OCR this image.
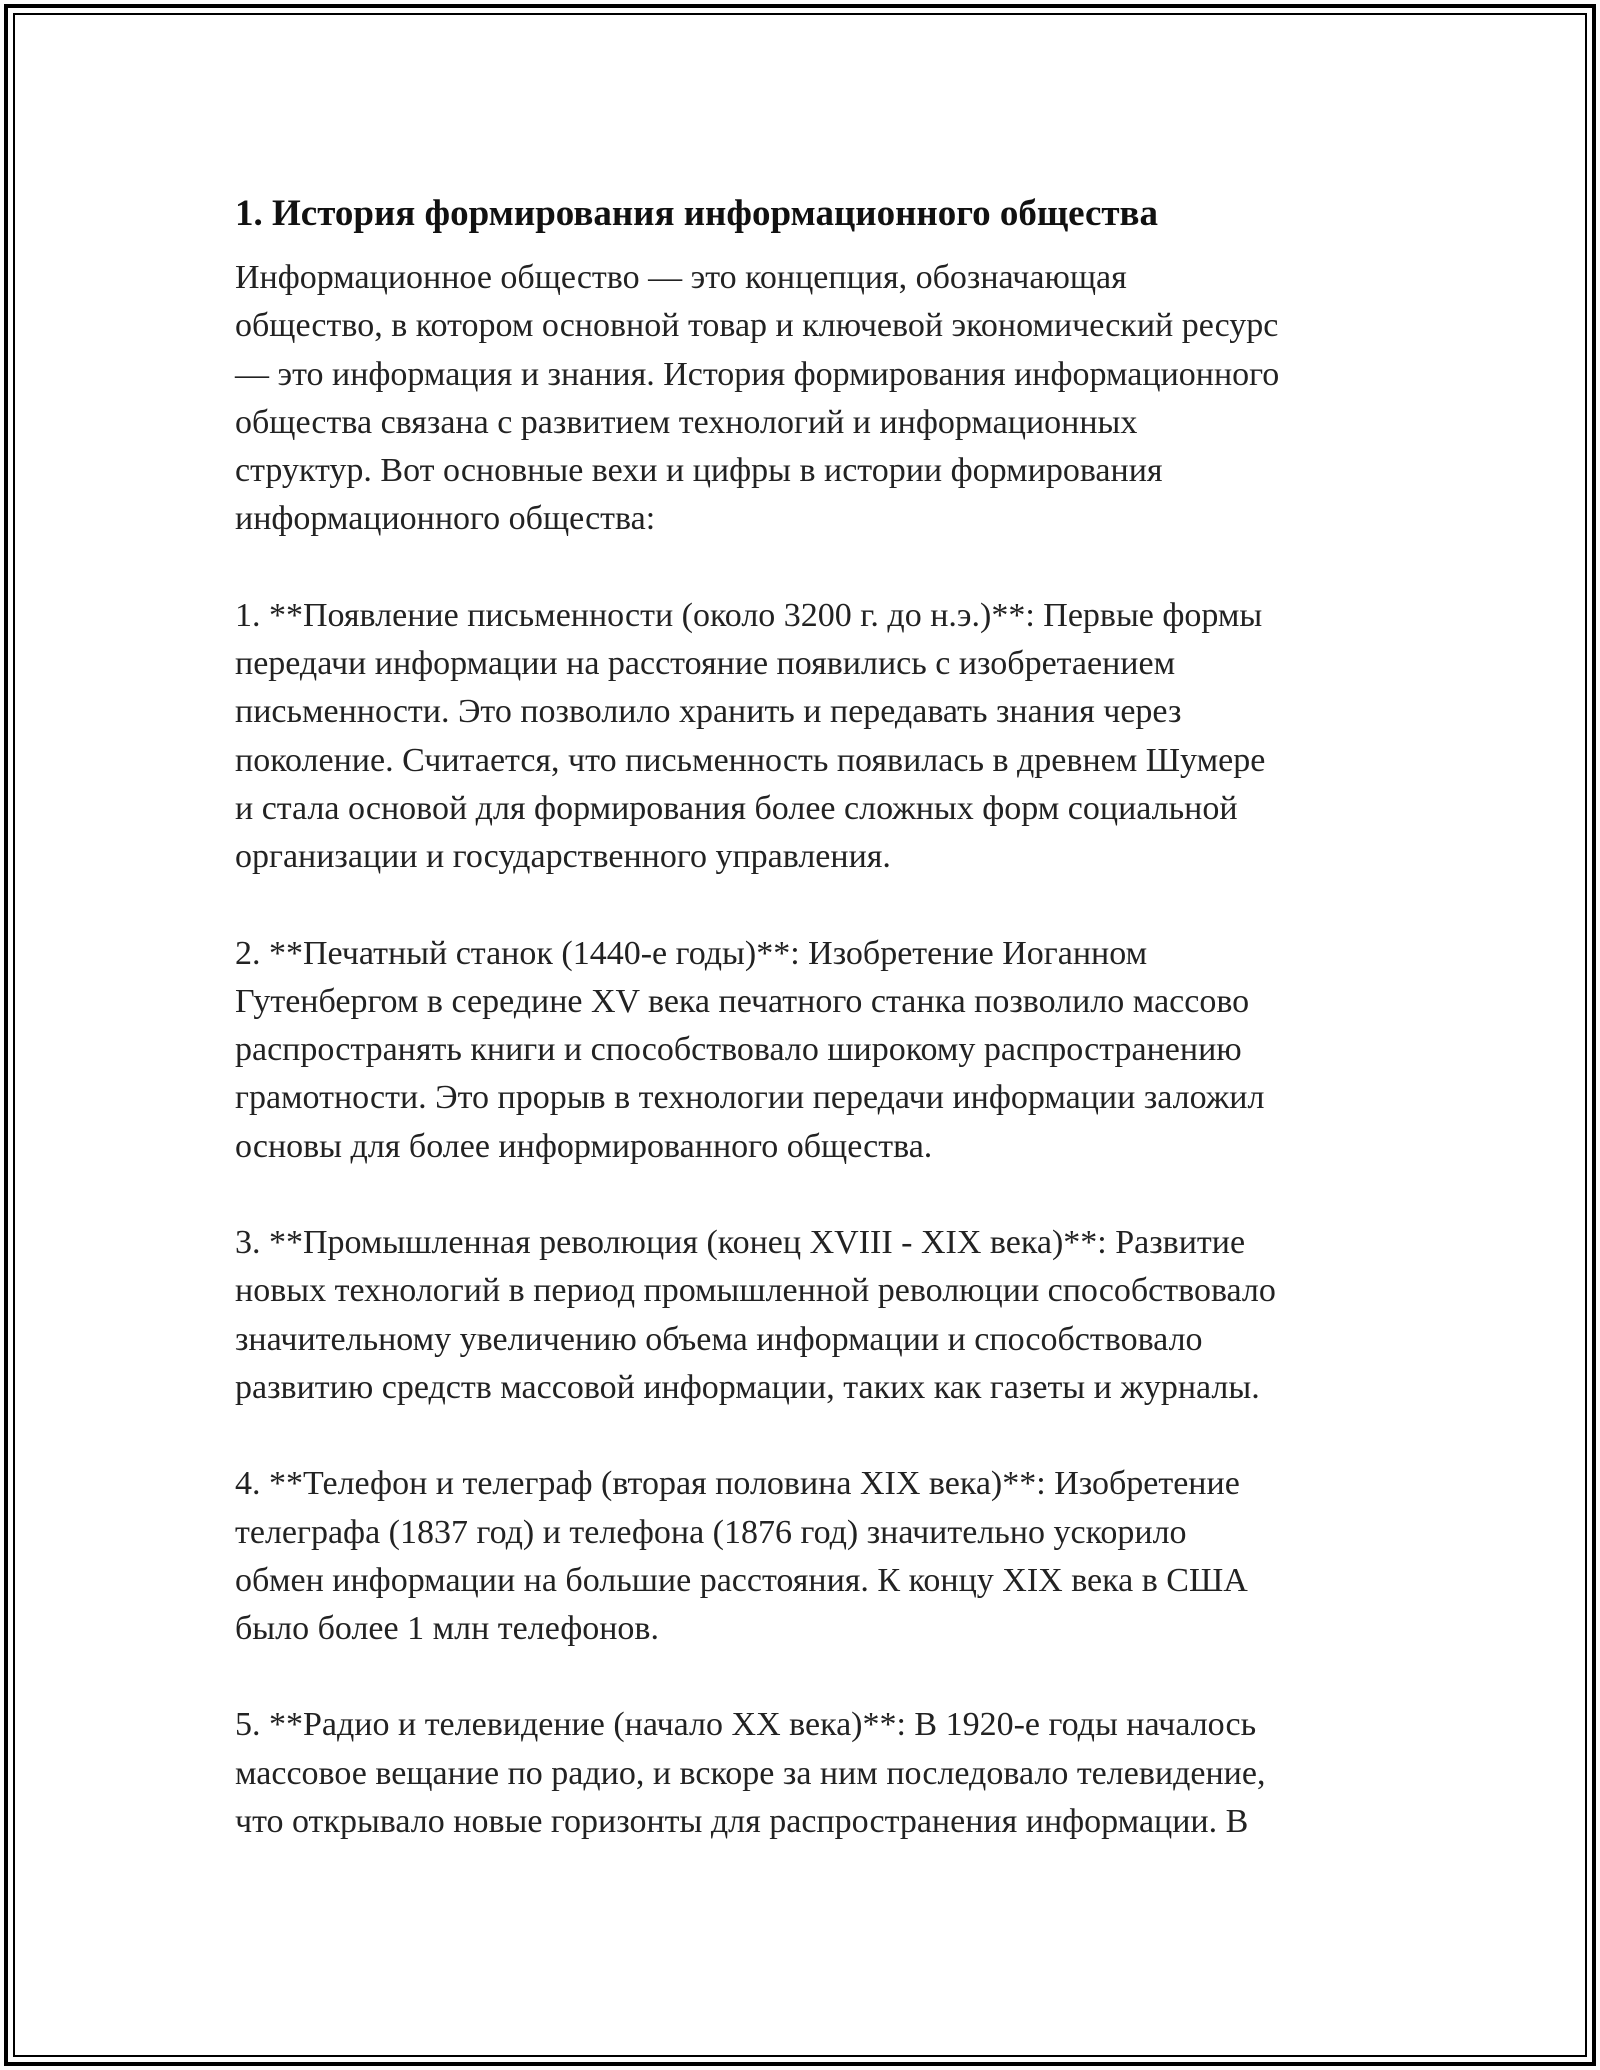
1. История формирования информационного общества

Информационное общество — это концепция, обозначающая
общество, в котором основной товар и ключевой экономический ресурс
— это информация и знания. История формирования информационного
общества связана с развитием технологий и информационных
структур. Вот основные вехи и цифры в истории формирования
информационного общества:

1. **Появление письменности (около 3200 г. до н.э.)**: Первые формы
передачи информации на расстояние появились с изобретаением
письменности. Это позволило хранить и передавать знания через
поколение. Считается, что письменность появилась в древнем Шумере
и стала основой для формирования более сложных форм социальной
организации и государственного управления.

2. **Печатный станок (1440-е годы)**: Изобретение Иоганном
Гутенбергом в середине XV века печатного станка позволило массово
распространять книги и способствовало широкому распространению
грамотности. Это прорыв в технологии передачи информации заложил
основы для более информированного общества.

3. **Промышленная революция (конец XVIII - XIX века)**: Развитие
новых технологий в период промышленной революции способствовало
значительному увеличению объема информации и способствовало
развитию средств массовой информации, таких как газеты и журналы.

4. **Телефон и телеграф (вторая половина XIX века)**: Изобретение
телеграфа (1837 год) и телефона (1876 год) значительно ускорило
обмен информации на большие расстояния. К концу XIX века в США
было более 1 млн телефонов.

5. **Радио и телевидение (начало XX века)**: В 1920-е годы началось
массовое вещание по радио, и вскоре за ним последовало телевидение,
что открывало новые горизонты для распространения информации. В
